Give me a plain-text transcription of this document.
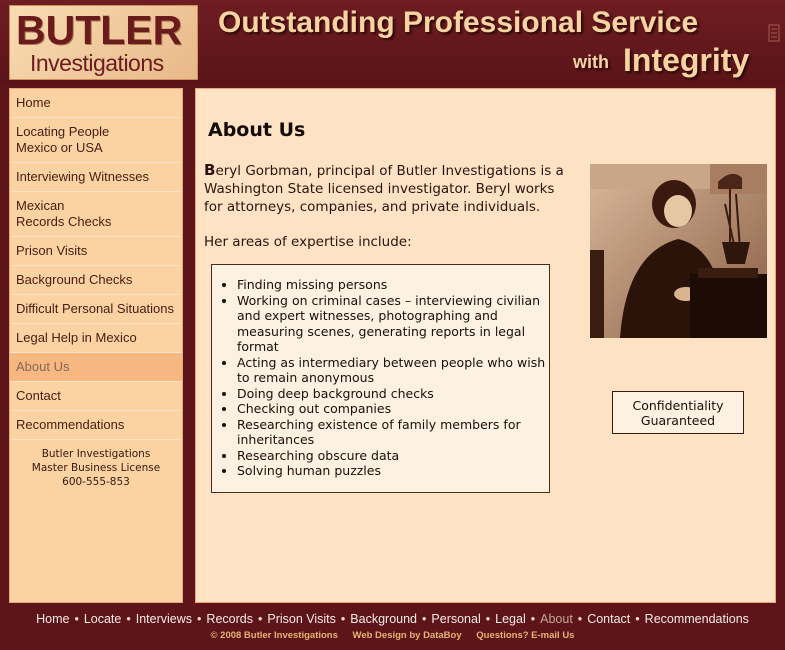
BUTLER
Investigations
Outstanding Professional Service
with Integrity
Home
Locating People
Mexico or USA
Interviewing Witnesses
Mexican
Records Checks
Prison Visits
Background Checks
Difficult Personal Situations
Legal Help in Mexico
About Us
Contact
Recommendations
Butler Investigations
Master Business License
600-555-853
About Us
Beryl Gorbman, principal of Butler Investigations is a Washington State licensed investigator. Beryl works for attorneys, companies, and private individuals.
Her areas of expertise include:
• Finding missing persons
• Working on criminal cases – interviewing civilian and expert witnesses, photographing and measuring scenes, generating reports in legal format
• Acting as intermediary between people who wish to remain anonymous
• Doing deep background checks
• Checking out companies
• Researching existence of family members for inheritances
• Researching obscure data
• Solving human puzzles
Confidentiality
Guaranteed
Home • Locate • Interviews • Records • Prison Visits • Background • Personal • Legal • About • Contact • Recommendations
© 2008 Butler Investigations Web Design by DataBoy Questions? E-mail Us
